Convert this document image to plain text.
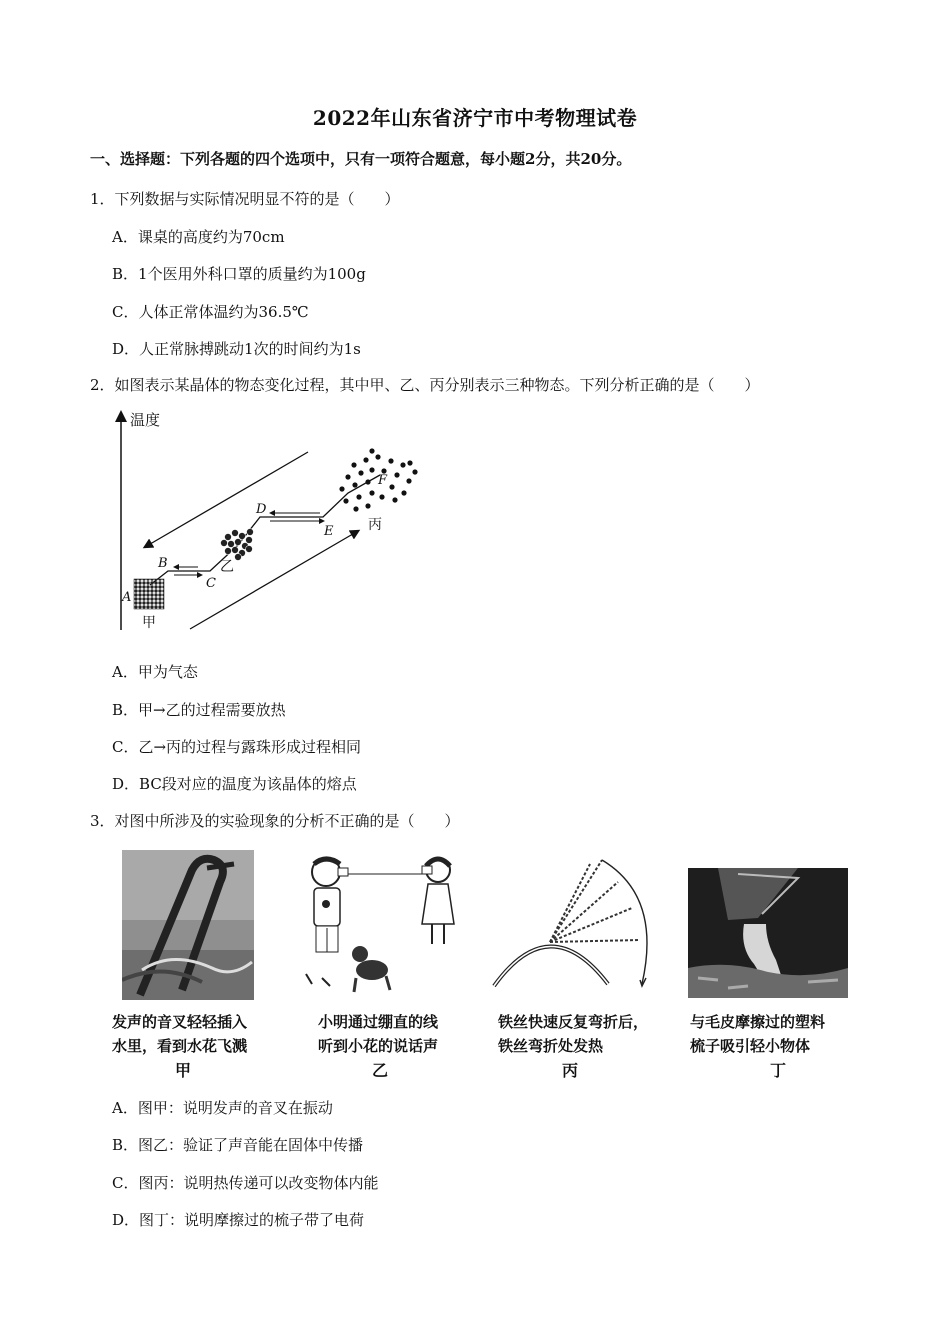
2022年山东省济宁市中考物理试卷
一、选择题：下列各题的四个选项中，只有一项符合题意，每小题2分，共20分。
1．下列数据与实际情况明显不符的是（　　）
A．课桌的高度约为70cm
B．1个医用外科口罩的质量约为100g
C．人体正常体温约为36.5℃
D．人正常脉搏跳动1次的时间约为1s
2．如图表示某晶体的物态变化过程，其中甲、乙、丙分别表示三种物态。下列分析正确的是（　　）
温度
A
B
C
D
E
F
甲
乙
丙
A．甲为气态
B．甲→乙的过程需要放热
C．乙→丙的过程与露珠形成过程相同
D．BC段对应的温度为该晶体的熔点
3．对图中所涉及的实验现象的分析不正确的是（　　）
发声的音叉轻轻插入
水里，看到水花飞溅
甲
小明通过绷直的线
听到小花的说话声
乙
铁丝快速反复弯折后，
铁丝弯折处发热
丙
与毛皮摩擦过的塑料
梳子吸引轻小物体
丁
A．图甲：说明发声的音叉在振动
B．图乙：验证了声音能在固体中传播
C．图丙：说明热传递可以改变物体内能
D．图丁：说明摩擦过的梳子带了电荷
